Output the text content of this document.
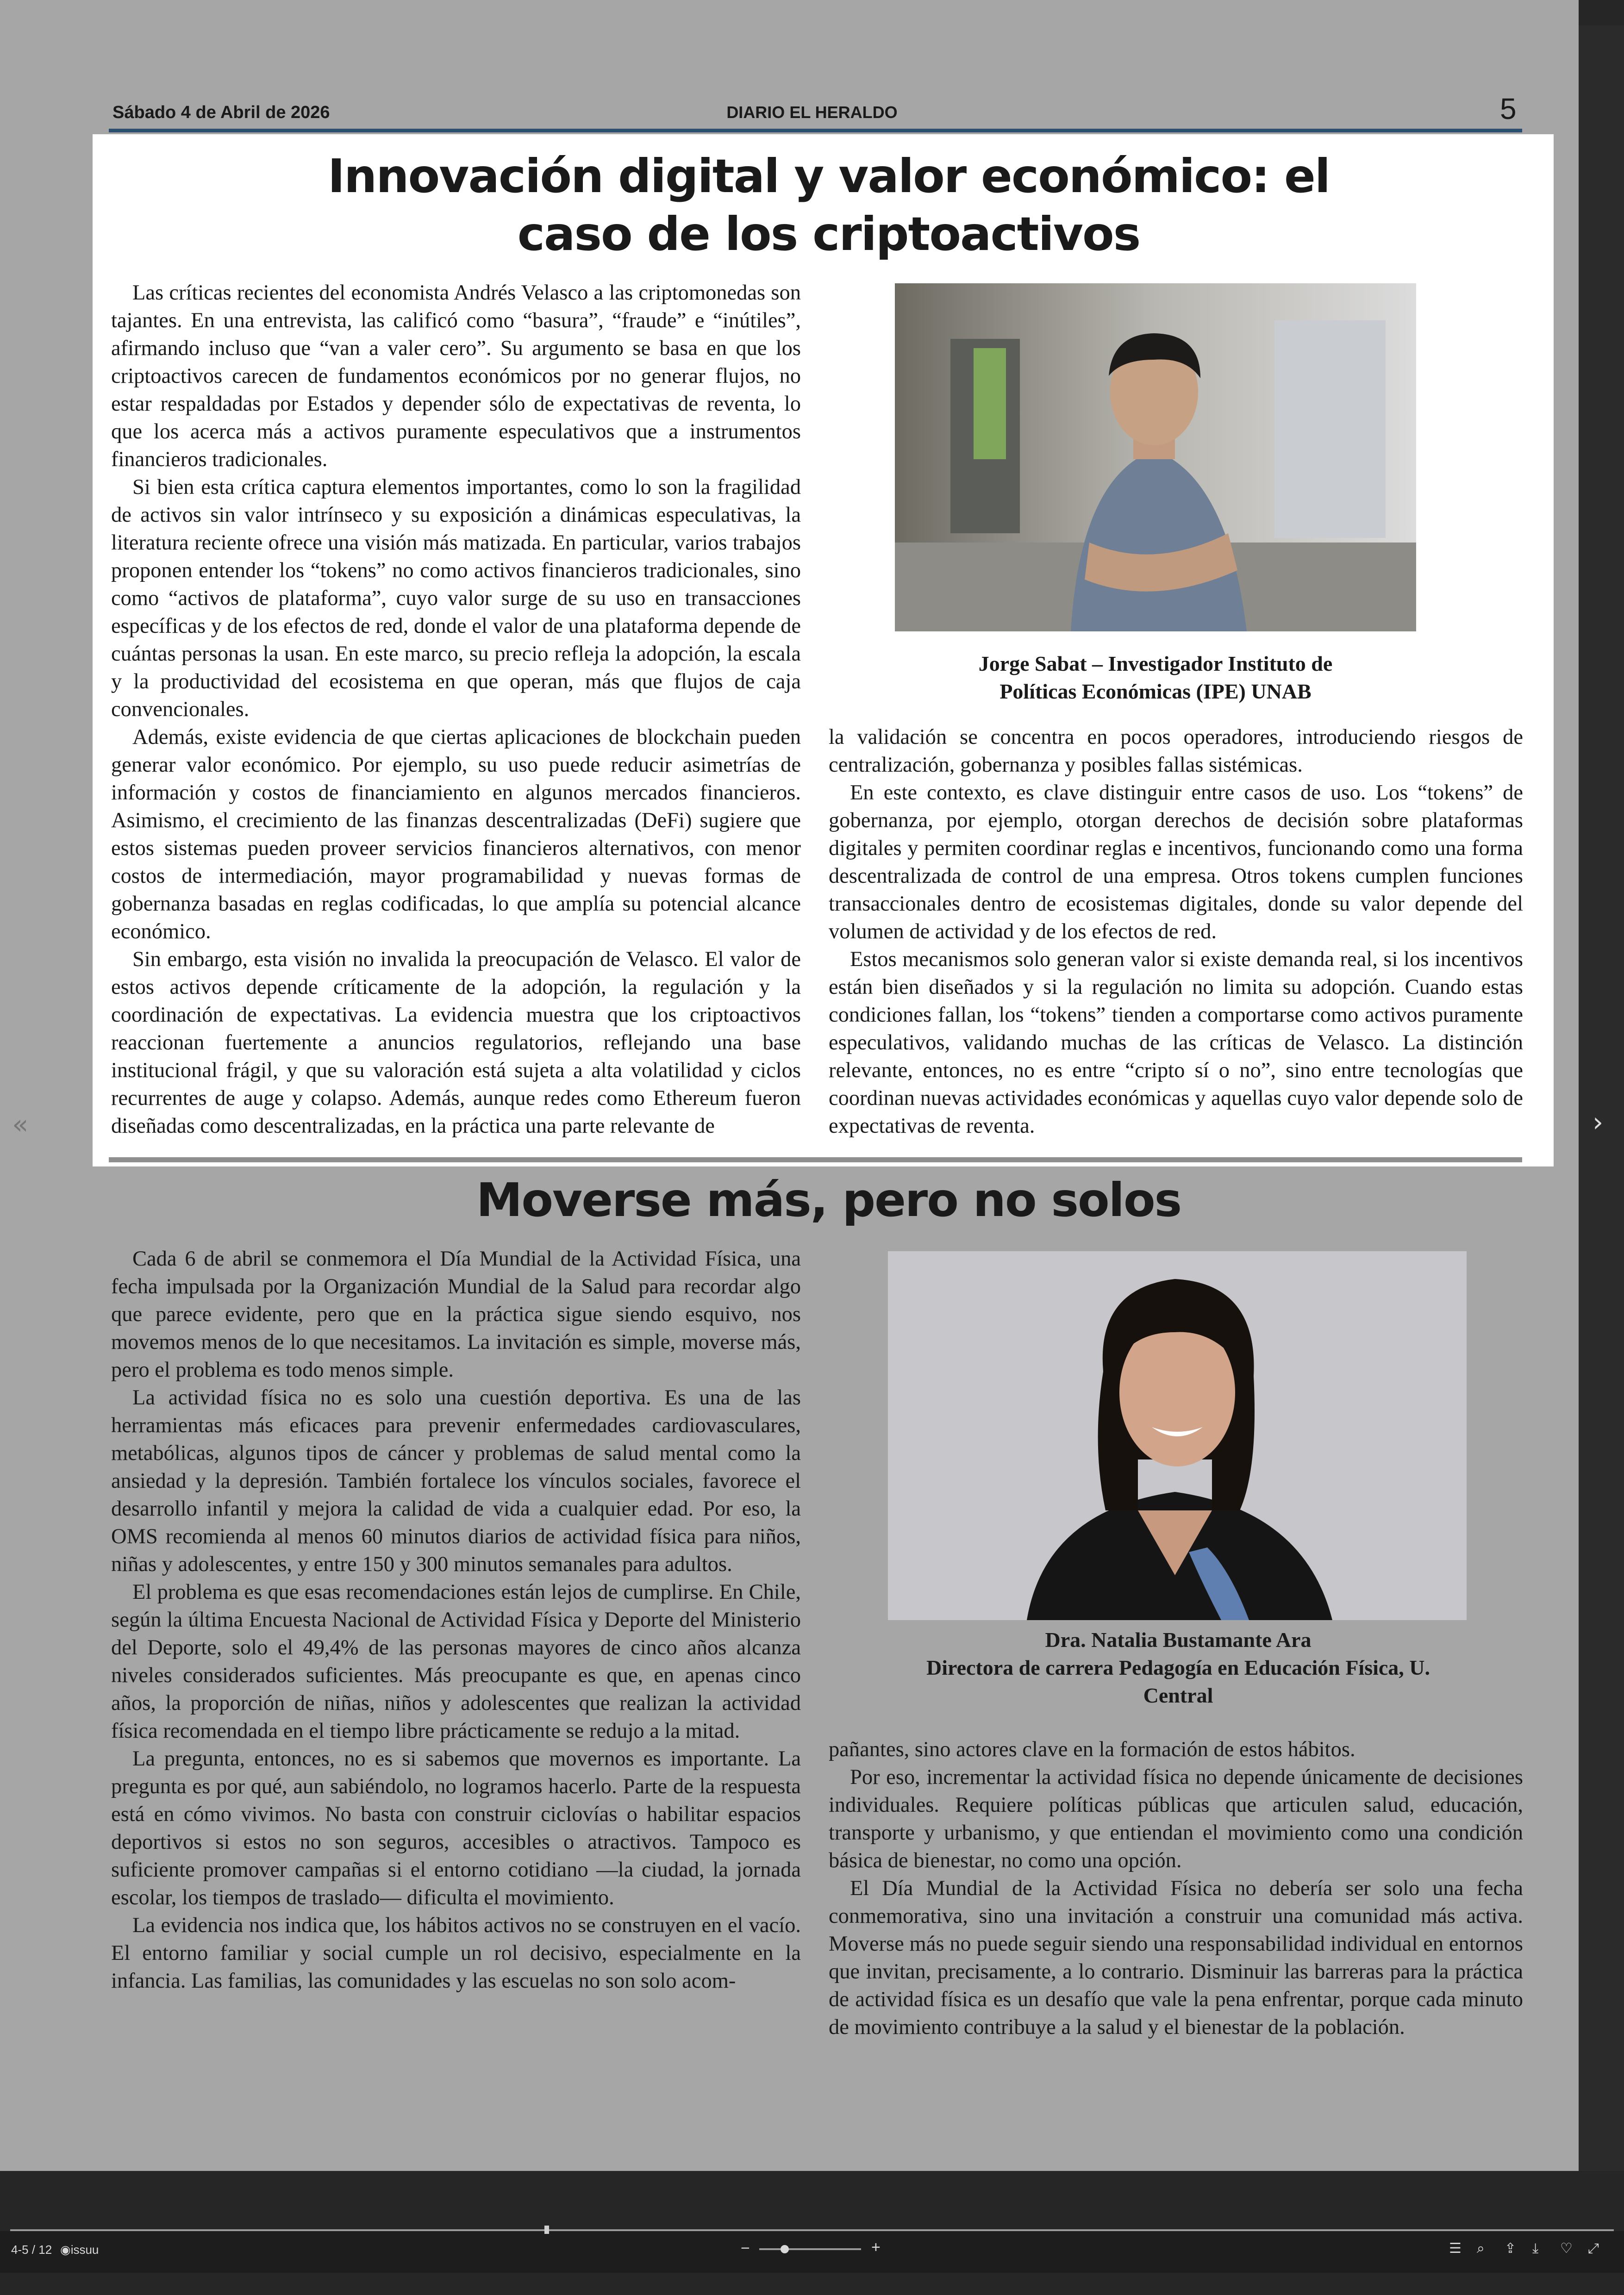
Sábado 4 de Abril de 2026	DIARIO EL HERALDO	5
Innovación digital y valor económico: el
caso de los criptoactivos

Las críticas recientes del economista Andrés Velasco a las criptomonedas son tajantes. En una entrevista, las calificó como “basura”, “fraude” e “inútiles”, afirmando incluso que “van a valer cero”. Su argumento se basa en que los criptoactivos carecen de fundamentos económicos por no generar flujos, no estar respaldadas por Estados y depender sólo de expectativas de reventa, lo que los acerca más a activos puramente especulativos que a instrumentos financieros tradicionales.

Si bien esta crítica captura elementos importantes, como lo son la fragilidad de activos sin valor intrínseco y su exposición a dinámicas especulativas, la literatura reciente ofrece una visión más matizada. En particular, varios trabajos proponen entender los “tokens” no como activos financieros tradicionales, sino como “activos de plataforma”, cuyo valor surge de su uso en transacciones específicas y de los efectos de red, donde el valor de una plataforma depende de cuántas personas la usan. En este marco, su precio refleja la adopción, la escala y la productividad del ecosistema en que operan, más que flujos de caja convencionales.

Además, existe evidencia de que ciertas aplicaciones de blockchain pueden generar valor económico. Por ejemplo, su uso puede reducir asimetrías de información y costos de financiamiento en algunos mercados financieros. Asimismo, el crecimiento de las finanzas descentralizadas (DeFi) sugiere que estos sistemas pueden proveer servicios financieros alternativos, con menor costos de intermediación, mayor programabilidad y nuevas formas de gobernanza basadas en reglas codificadas, lo que amplía su potencial alcance económico.

Sin embargo, esta visión no invalida la preocupación de Velasco. El valor de estos activos depende críticamente de la adopción, la regulación y la coordinación de expectativas. La evidencia muestra que los criptoactivos reaccionan fuertemente a anuncios regulatorios, reflejando una base institucional frágil, y que su valoración está sujeta a alta volatilidad y ciclos recurrentes de auge y colapso. Además, aunque redes como Ethereum fueron diseñadas como descentralizadas, en la práctica una parte relevante de

Jorge Sabat – Investigador Instituto de
Políticas Económicas (IPE) UNAB

la validación se concentra en pocos operadores, introduciendo riesgos de centralización, gobernanza y posibles fallas sistémicas.

En este contexto, es clave distinguir entre casos de uso. Los “tokens” de gobernanza, por ejemplo, otorgan derechos de decisión sobre plataformas digitales y permiten coordinar reglas e incentivos, funcionando como una forma descentralizada de control de una empresa. Otros tokens cumplen funciones transaccionales dentro de ecosistemas digitales, donde su valor depende del volumen de actividad y de los efectos de red.

Estos mecanismos solo generan valor si existe demanda real, si los incentivos están bien diseñados y si la regulación no limita su adopción. Cuando estas condiciones fallan, los “tokens” tienden a comportarse como activos puramente especulativos, validando muchas de las críticas de Velasco. La distinción relevante, entonces, no es entre “cripto sí o no”, sino entre tecnologías que coordinan nuevas actividades económicas y aquellas cuyo valor depende solo de expectativas de reventa.

Moverse más, pero no solos

Cada 6 de abril se conmemora el Día Mundial de la Actividad Física, una fecha impulsada por la Organización Mundial de la Salud para recordar algo que parece evidente, pero que en la práctica sigue siendo esquivo, nos movemos menos de lo que necesitamos. La invitación es simple, moverse más, pero el problema es todo menos simple.

La actividad física no es solo una cuestión deportiva. Es una de las herramientas más eficaces para prevenir enfermedades cardiovasculares, metabólicas, algunos tipos de cáncer y problemas de salud mental como la ansiedad y la depresión. También fortalece los vínculos sociales, favorece el desarrollo infantil y mejora la calidad de vida a cualquier edad. Por eso, la OMS recomienda al menos 60 minutos diarios de actividad física para niños, niñas y adolescentes, y entre 150 y 300 minutos semanales para adultos.

El problema es que esas recomendaciones están lejos de cumplirse. En Chile, según la última Encuesta Nacional de Actividad Física y Deporte del Ministerio del Deporte, solo el 49,4% de las personas mayores de cinco años alcanza niveles considerados suficientes. Más preocupante es que, en apenas cinco años, la proporción de niñas, niños y adolescentes que realizan la actividad física recomendada en el tiempo libre prácticamente se redujo a la mitad.

La pregunta, entonces, no es si sabemos que movernos es importante. La pregunta es por qué, aun sabiéndolo, no logramos hacerlo. Parte de la respuesta está en cómo vivimos. No basta con construir ciclovías o habilitar espacios deportivos si estos no son seguros, accesibles o atractivos. Tampoco es suficiente promover campañas si el entorno cotidiano —la ciudad, la jornada escolar, los tiempos de traslado— dificulta el movimiento.

La evidencia nos indica que, los hábitos activos no se construyen en el vacío. El entorno familiar y social cumple un rol decisivo, especialmente en la infancia. Las familias, las comunidades y las escuelas no son solo acom-

Dra. Natalia Bustamante Ara
Directora de carrera Pedagogía en Educación Física, U.
Central

pañantes, sino actores clave en la formación de estos hábitos.

Por eso, incrementar la actividad física no depende únicamente de decisiones individuales. Requiere políticas públicas que articulen salud, educación, transporte y urbanismo, y que entiendan el movimiento como una condición básica de bienestar, no como una opción.

El Día Mundial de la Actividad Física no debería ser solo una fecha conmemorativa, sino una invitación a construir una comunidad más activa. Moverse más no puede seguir siendo una responsabilidad individual en entornos que invitan, precisamente, a lo contrario. Disminuir las barreras para la práctica de actividad física es un desafío que vale la pena enfrentar, porque cada minuto de movimiento contribuye a la salud y el bienestar de la población.

«	›
4-5 / 12 ◉issuu	−	+	☰ ⌕ ⇪ ⤓ ♡ ⤢
